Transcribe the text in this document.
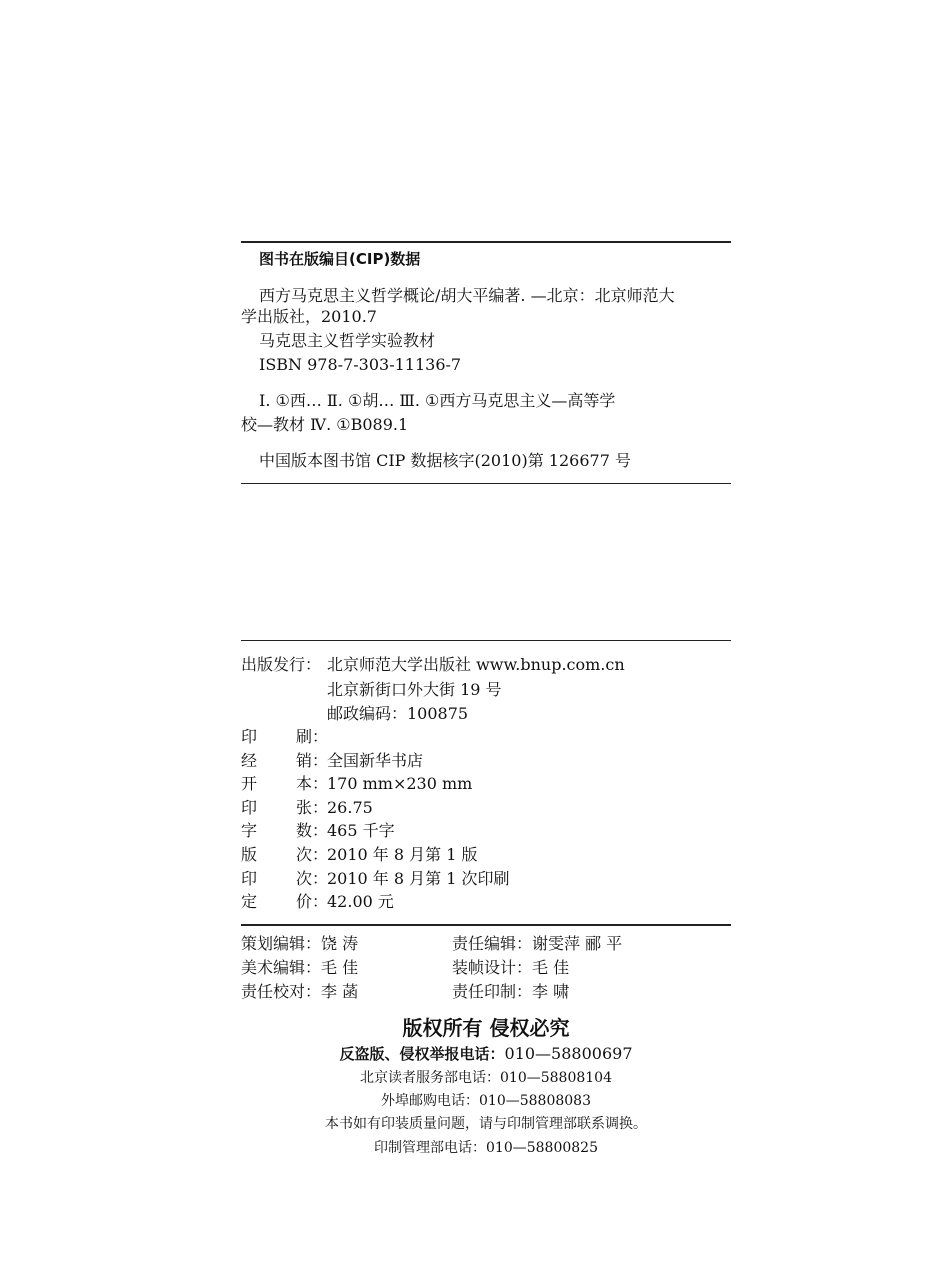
图书在版编目(CIP)数据
西方马克思主义哲学概论/胡大平编著. —北京：北京师范大
学出版社，2010.7
马克思主义哲学实验教材
ISBN 978-7-303-11136-7
Ⅰ. ①西… Ⅱ. ①胡… Ⅲ. ①西方马克思主义—高等学
校—教材 Ⅳ. ①B089.1
中国版本图书馆 CIP 数据核字(2010)第 126677 号
出版发行： 北京师范大学出版社 www.bnup.com.cn
北京新街口外大街 19 号
邮政编码：100875
印 刷：
经 销：全国新华书店
开 本：170 mm×230 mm
印 张：26.75
字 数：465 千字
版 次：2010 年 8 月第 1 版
印 次：2010 年 8 月第 1 次印刷
定 价：42.00 元
策划编辑：饶 涛	责任编辑：谢雯萍 郦 平
美术编辑：毛 佳	装帧设计：毛 佳
责任校对：李 菡	责任印制：李 啸
版权所有 侵权必究
反盗版、侵权举报电话：010—58800697
北京读者服务部电话：010—58808104
外埠邮购电话：010—58808083
本书如有印装质量问题，请与印制管理部联系调换。
印制管理部电话：010—58800825
